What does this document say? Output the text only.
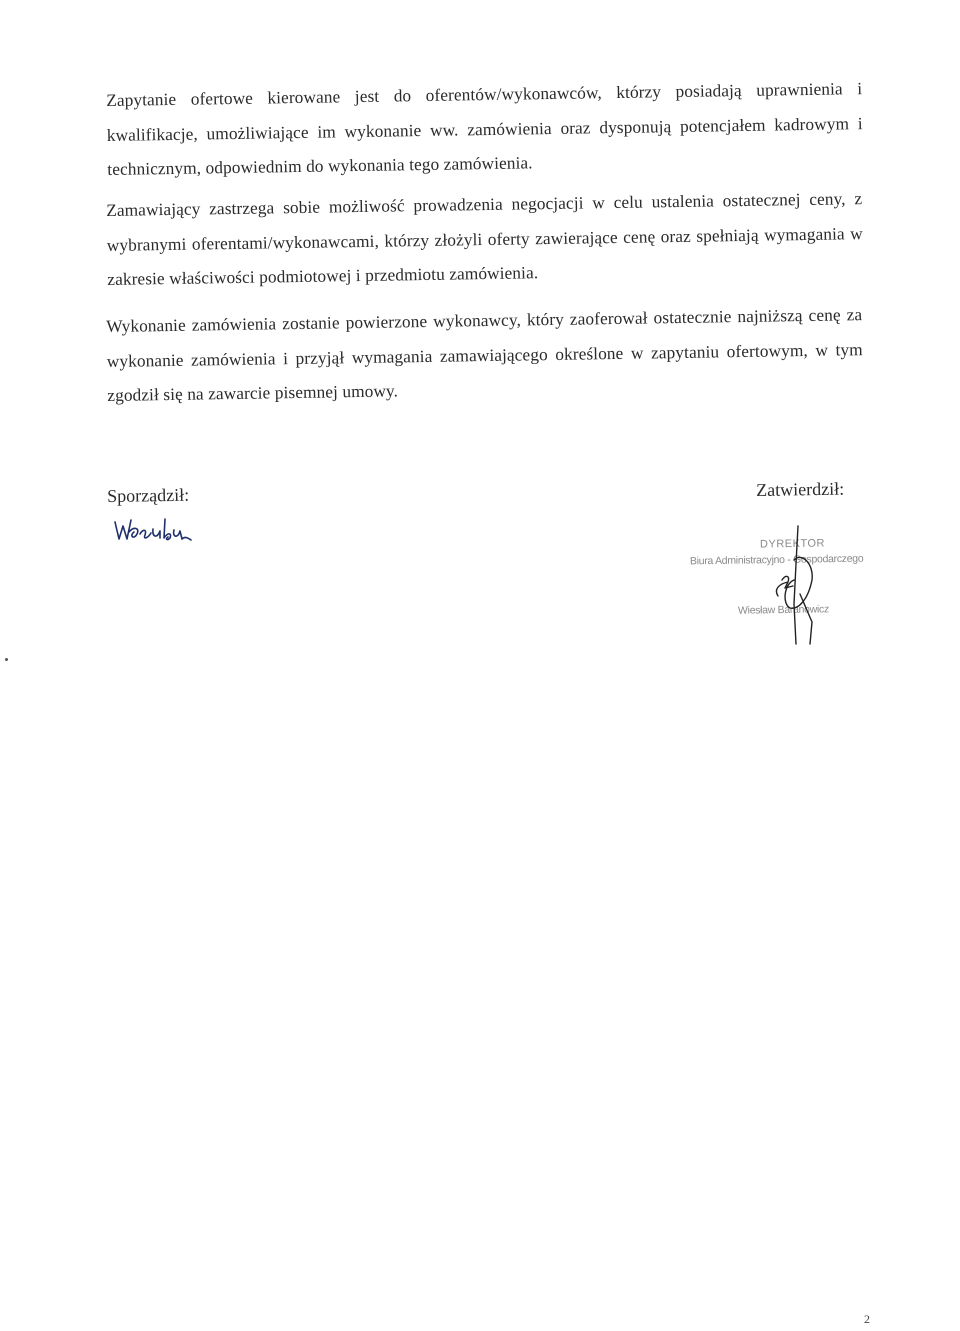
Zapytanie ofertowe kierowane jest do oferentów/wykonawców, którzy posiadają uprawnienia i kwalifikacje, umożliwiające im wykonanie ww. zamówienia oraz dysponują potencjałem kadrowym i technicznym, odpowiednim do wykonania tego zamówienia.
Zamawiający zastrzega sobie możliwość prowadzenia negocjacji w celu ustalenia ostatecznej ceny, z wybranymi oferentami/wykonawcami, którzy złożyli oferty zawierające cenę oraz spełniają wymagania w zakresie właściwości podmiotowej i przedmiotu zamówienia.
Wykonanie zamówienia zostanie powierzone wykonawcy, który zaoferował ostatecznie najniższą cenę za wykonanie zamówienia i przyjął wymagania zamawiającego określone w zapytaniu ofertowym, w tym zgodził się na zawarcie pisemnej umowy.
Sporządził:	Zatwierdził:
DYREKTOR
Biura Administracyjno - Gospodarczego
Wiesław Baranowicz
2
